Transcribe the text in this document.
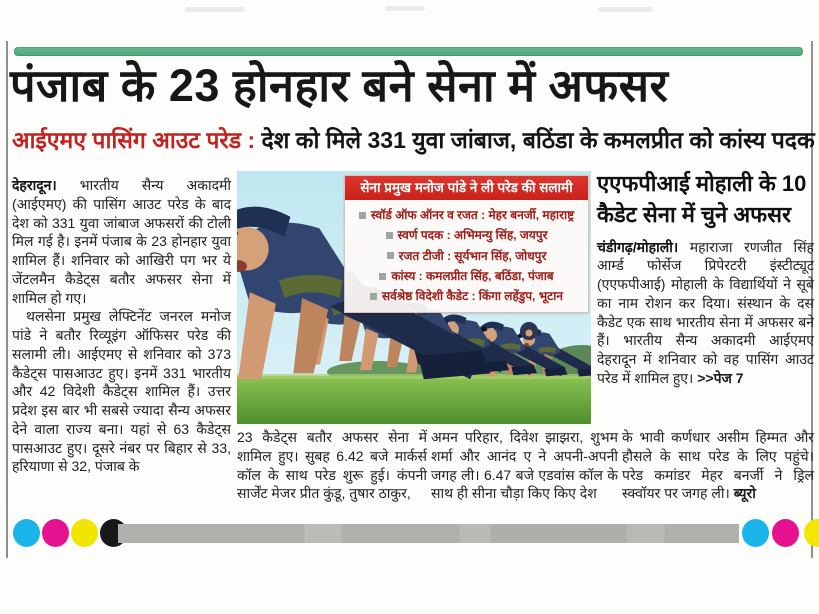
पंजाब के 23 होनहार बने सेना में अफसर
आईएमए पासिंग आउट परेड : देश को मिले 331 युवा जांबाज, बठिंडा के कमलप्रीत को कांस्य पदक

देहरादून। भारतीय सैन्य अकादमी (आईएमए) की पासिंग आउट परेड के बाद देश को 331 युवा जांबाज अफसरों की टोली मिल गई है। इनमें पंजाब के 23 होनहार युवा शामिल हैं। शनिवार को आखिरी पग भर ये जेंटलमैन कैडेट्स बतौर अफसर सेना में शामिल हो गए।

थलसेना प्रमुख लेफ्टिनेंट जनरल मनोज पांडे ने बतौर रिव्यूइंग ऑफिसर परेड की सलामी ली। आईएमए से शनिवार को 373 कैडेट्स पासआउट हुए। इनमें 331 भारतीय और 42 विदेशी कैडेट्स शामिल हैं। उत्तर प्रदेश इस बार भी सबसे ज्यादा सैन्य अफसर देने वाला राज्य बना। यहां से 63 कैडेट्स पासआउट हुए। दूसरे नंबर पर बिहार से 33, हरियाणा से 32, पंजाब के

सेना प्रमुख मनोज पांडे ने ली परेड की सलामी
स्वॉर्ड ऑफ ऑनर व रजत : मेहर बनर्जी, महाराष्ट्र
स्वर्ण पदक : अभिमन्यु सिंह, जयपुर
रजत टीजी : सूर्यभान सिंह, जोधपुर
कांस्य : कमलप्रीत सिंह, बठिंडा, पंजाब
सर्वश्रेष्ठ विदेशी कैडेट : किंगा लहेंडुप, भूटान
एएफपीआई मोहाली के 10 कैडेट सेना में चुने अफसर

चंडीगढ़/मोहाली। महाराजा रणजीत सिंह आर्म्ड फोर्सेज प्रिपेरटरी इंस्टीट्यूट (एएफपीआई) मोहाली के विद्यार्थियों ने सूबे का नाम रोशन कर दिया। संस्थान के दस कैडेट एक साथ भारतीय सेना में अफसर बने हैं। भारतीय सैन्य अकादमी आईएमए देहरादून में शनिवार को वह पासिंग आउट परेड में शामिल हुए। >>पेज 7

23 कैडेट्स बतौर अफसर सेना में शामिल हुए। सुबह 6.42 बजे मार्कर्स कॉल के साथ परेड शुरू हुई। कंपनी सार्जेंट मेजर प्रीत कुंडू, तुषार ठाकुर,
अमन परिहार, दिवेश झाझरा, शुभम शर्मा और आनंद ए ने अपनी-अपनी जगह ली। 6.47 बजे एडवांस कॉल के साथ ही सीना चौड़ा किए किए देश

के भावी कर्णधार असीम हिम्मत और हौसले के साथ परेड के लिए पहुंचे। परेड कमांडर मेहर बनर्जी ने ड्रिल स्क्वॉयर पर जगह ली। ब्यूरो
